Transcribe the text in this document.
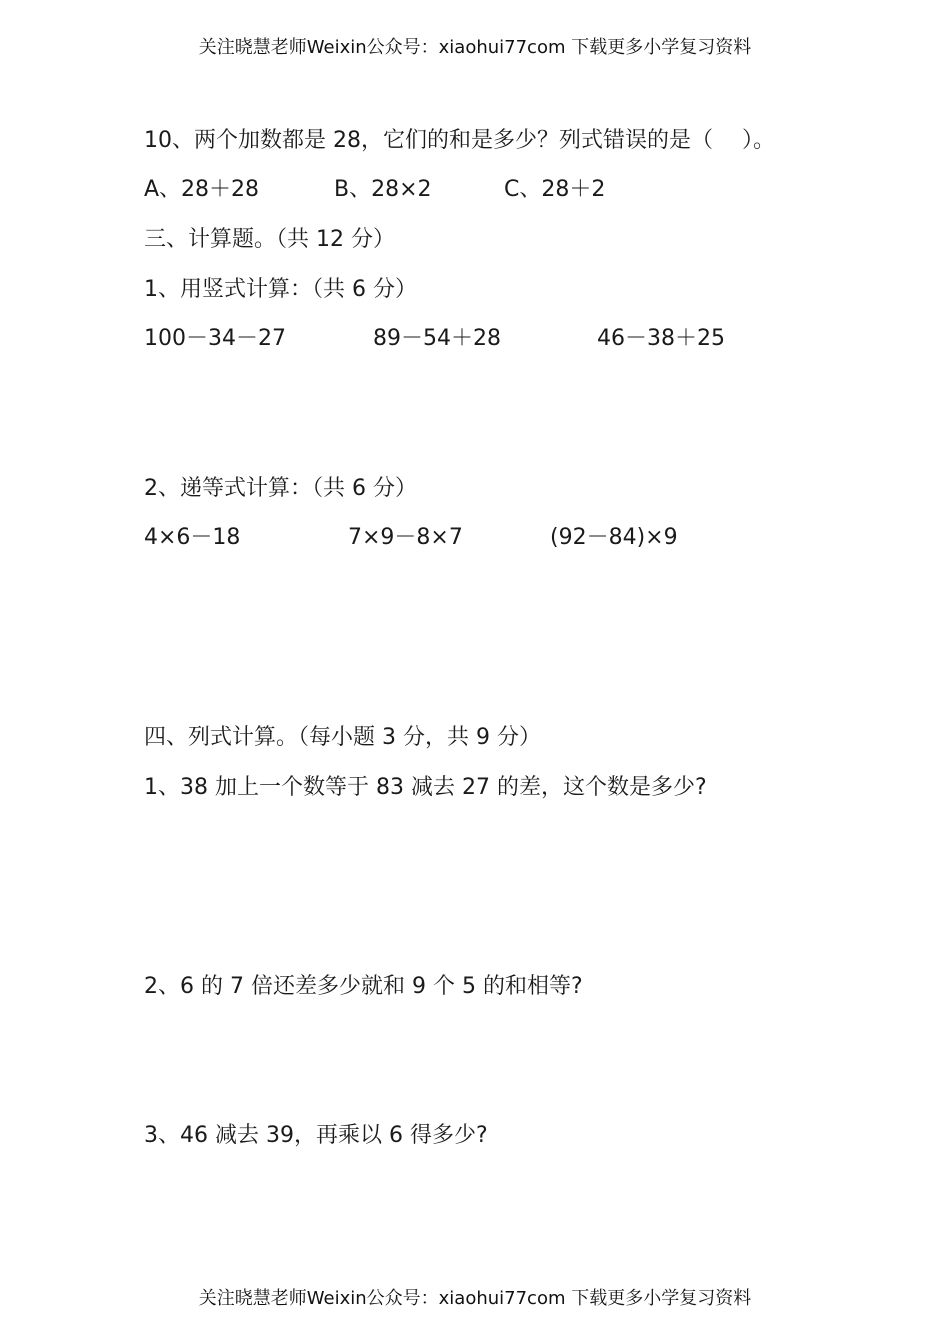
关注晓慧老师Weixin公众号：xiaohui77com 下载更多小学复习资料
10、两个加数都是 28，它们的和是多少？列式错误的是（　 ）。
A、28＋28	B、28×2	C、28＋2
三、计算题。（共 12 分）
1、用竖式计算：（共 6 分）
100－34－27	89－54＋28	46－38＋25
2、递等式计算：（共 6 分）
4×6－18	7×9－8×7	(92－84)×9
四、列式计算。（每小题 3 分，共 9 分）
1、38 加上一个数等于 83 减去 27 的差，这个数是多少?
2、6 的 7 倍还差多少就和 9 个 5 的和相等?
3、46 减去 39，再乘以 6 得多少?
关注晓慧老师Weixin公众号：xiaohui77com 下载更多小学复习资料
